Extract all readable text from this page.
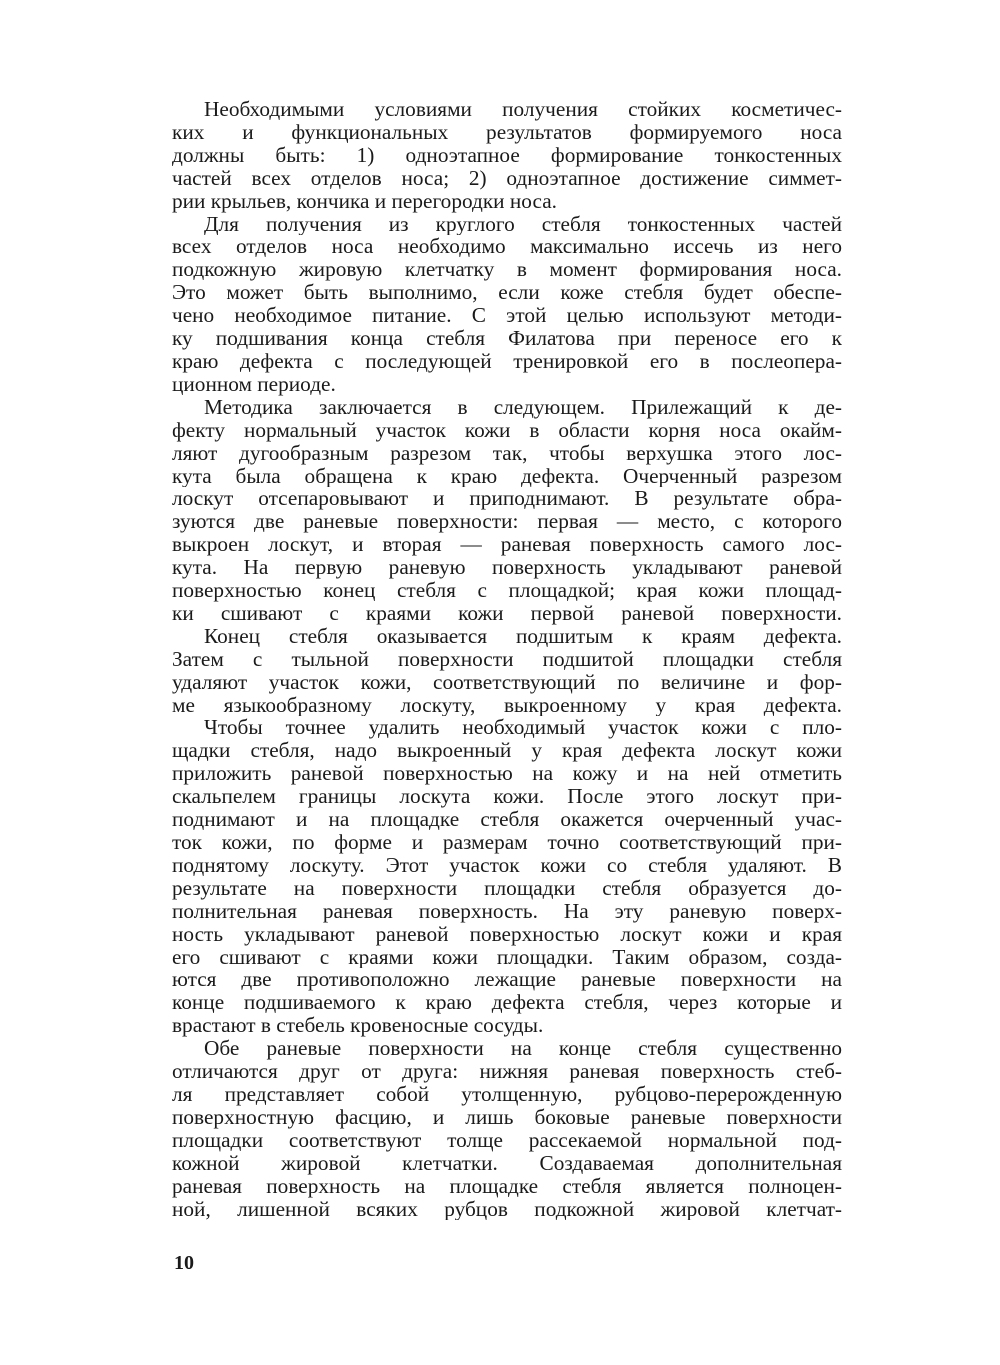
Необходимыми условиями получения стойких косметичес-
ких и функциональных результатов формируемого носа
должны быть: 1) одноэтапное формирование тонкостенных
частей всех отделов носа; 2) одноэтапное достижение симмет-
рии крыльев, кончика и перегородки носа.
Для получения из круглого стебля тонкостенных частей
всех отделов носа необходимо максимально иссечь из него
подкожную жировую клетчатку в момент формирования носа.
Это может быть выполнимо, если коже стебля будет обеспе-
чено необходимое питание. С этой целью используют методи-
ку подшивания конца стебля Филатова при переносе его к
краю дефекта с последующей тренировкой его в послеопера-
ционном периоде.
Методика заключается в следующем. Прилежащий к де-
фекту нормальный участок кожи в области корня носа окайм-
ляют дугообразным разрезом так, чтобы верхушка этого лос-
кута была обращена к краю дефекта. Очерченный разрезом
лоскут отсепаровывают и приподнимают. В результате обра-
зуются две раневые поверхности: первая — место, с которого
выкроен лоскут, и вторая — раневая поверхность самого лос-
кута. На первую раневую поверхность укладывают раневой
поверхностью конец стебля с площадкой; края кожи площад-
ки сшивают с краями кожи первой раневой поверхности.
Конец стебля оказывается подшитым к краям дефекта.
Затем с тыльной поверхности подшитой площадки стебля
удаляют участок кожи, соответствующий по величине и фор-
ме языкообразному лоскуту, выкроенному у края дефекта.
Чтобы точнее удалить необходимый участок кожи с пло-
щадки стебля, надо выкроенный у края дефекта лоскут кожи
приложить раневой поверхностью на кожу и на ней отметить
скальпелем границы лоскута кожи. После этого лоскут при-
поднимают и на площадке стебля окажется очерченный учас-
ток кожи, по форме и размерам точно соответствующий при-
поднятому лоскуту. Этот участок кожи со стебля удаляют. В
результате на поверхности площадки стебля образуется до-
полнительная раневая поверхность. На эту раневую поверх-
ность укладывают раневой поверхностью лоскут кожи и края
его сшивают с краями кожи площадки. Таким образом, созда-
ются две противоположно лежащие раневые поверхности на
конце подшиваемого к краю дефекта стебля, через которые и
врастают в стебель кровеносные сосуды.
Обе раневые поверхности на конце стебля существенно
отличаются друг от друга: нижняя раневая поверхность стеб-
ля представляет собой утолщенную, рубцово-перерожденную
поверхностную фасцию, и лишь боковые раневые поверхности
площадки соответствуют толще рассекаемой нормальной под-
кожной жировой клетчатки. Создаваемая дополнительная
раневая поверхность на площадке стебля является полноцен-
ной, лишенной всяких рубцов подкожной жировой клетчат-
10
